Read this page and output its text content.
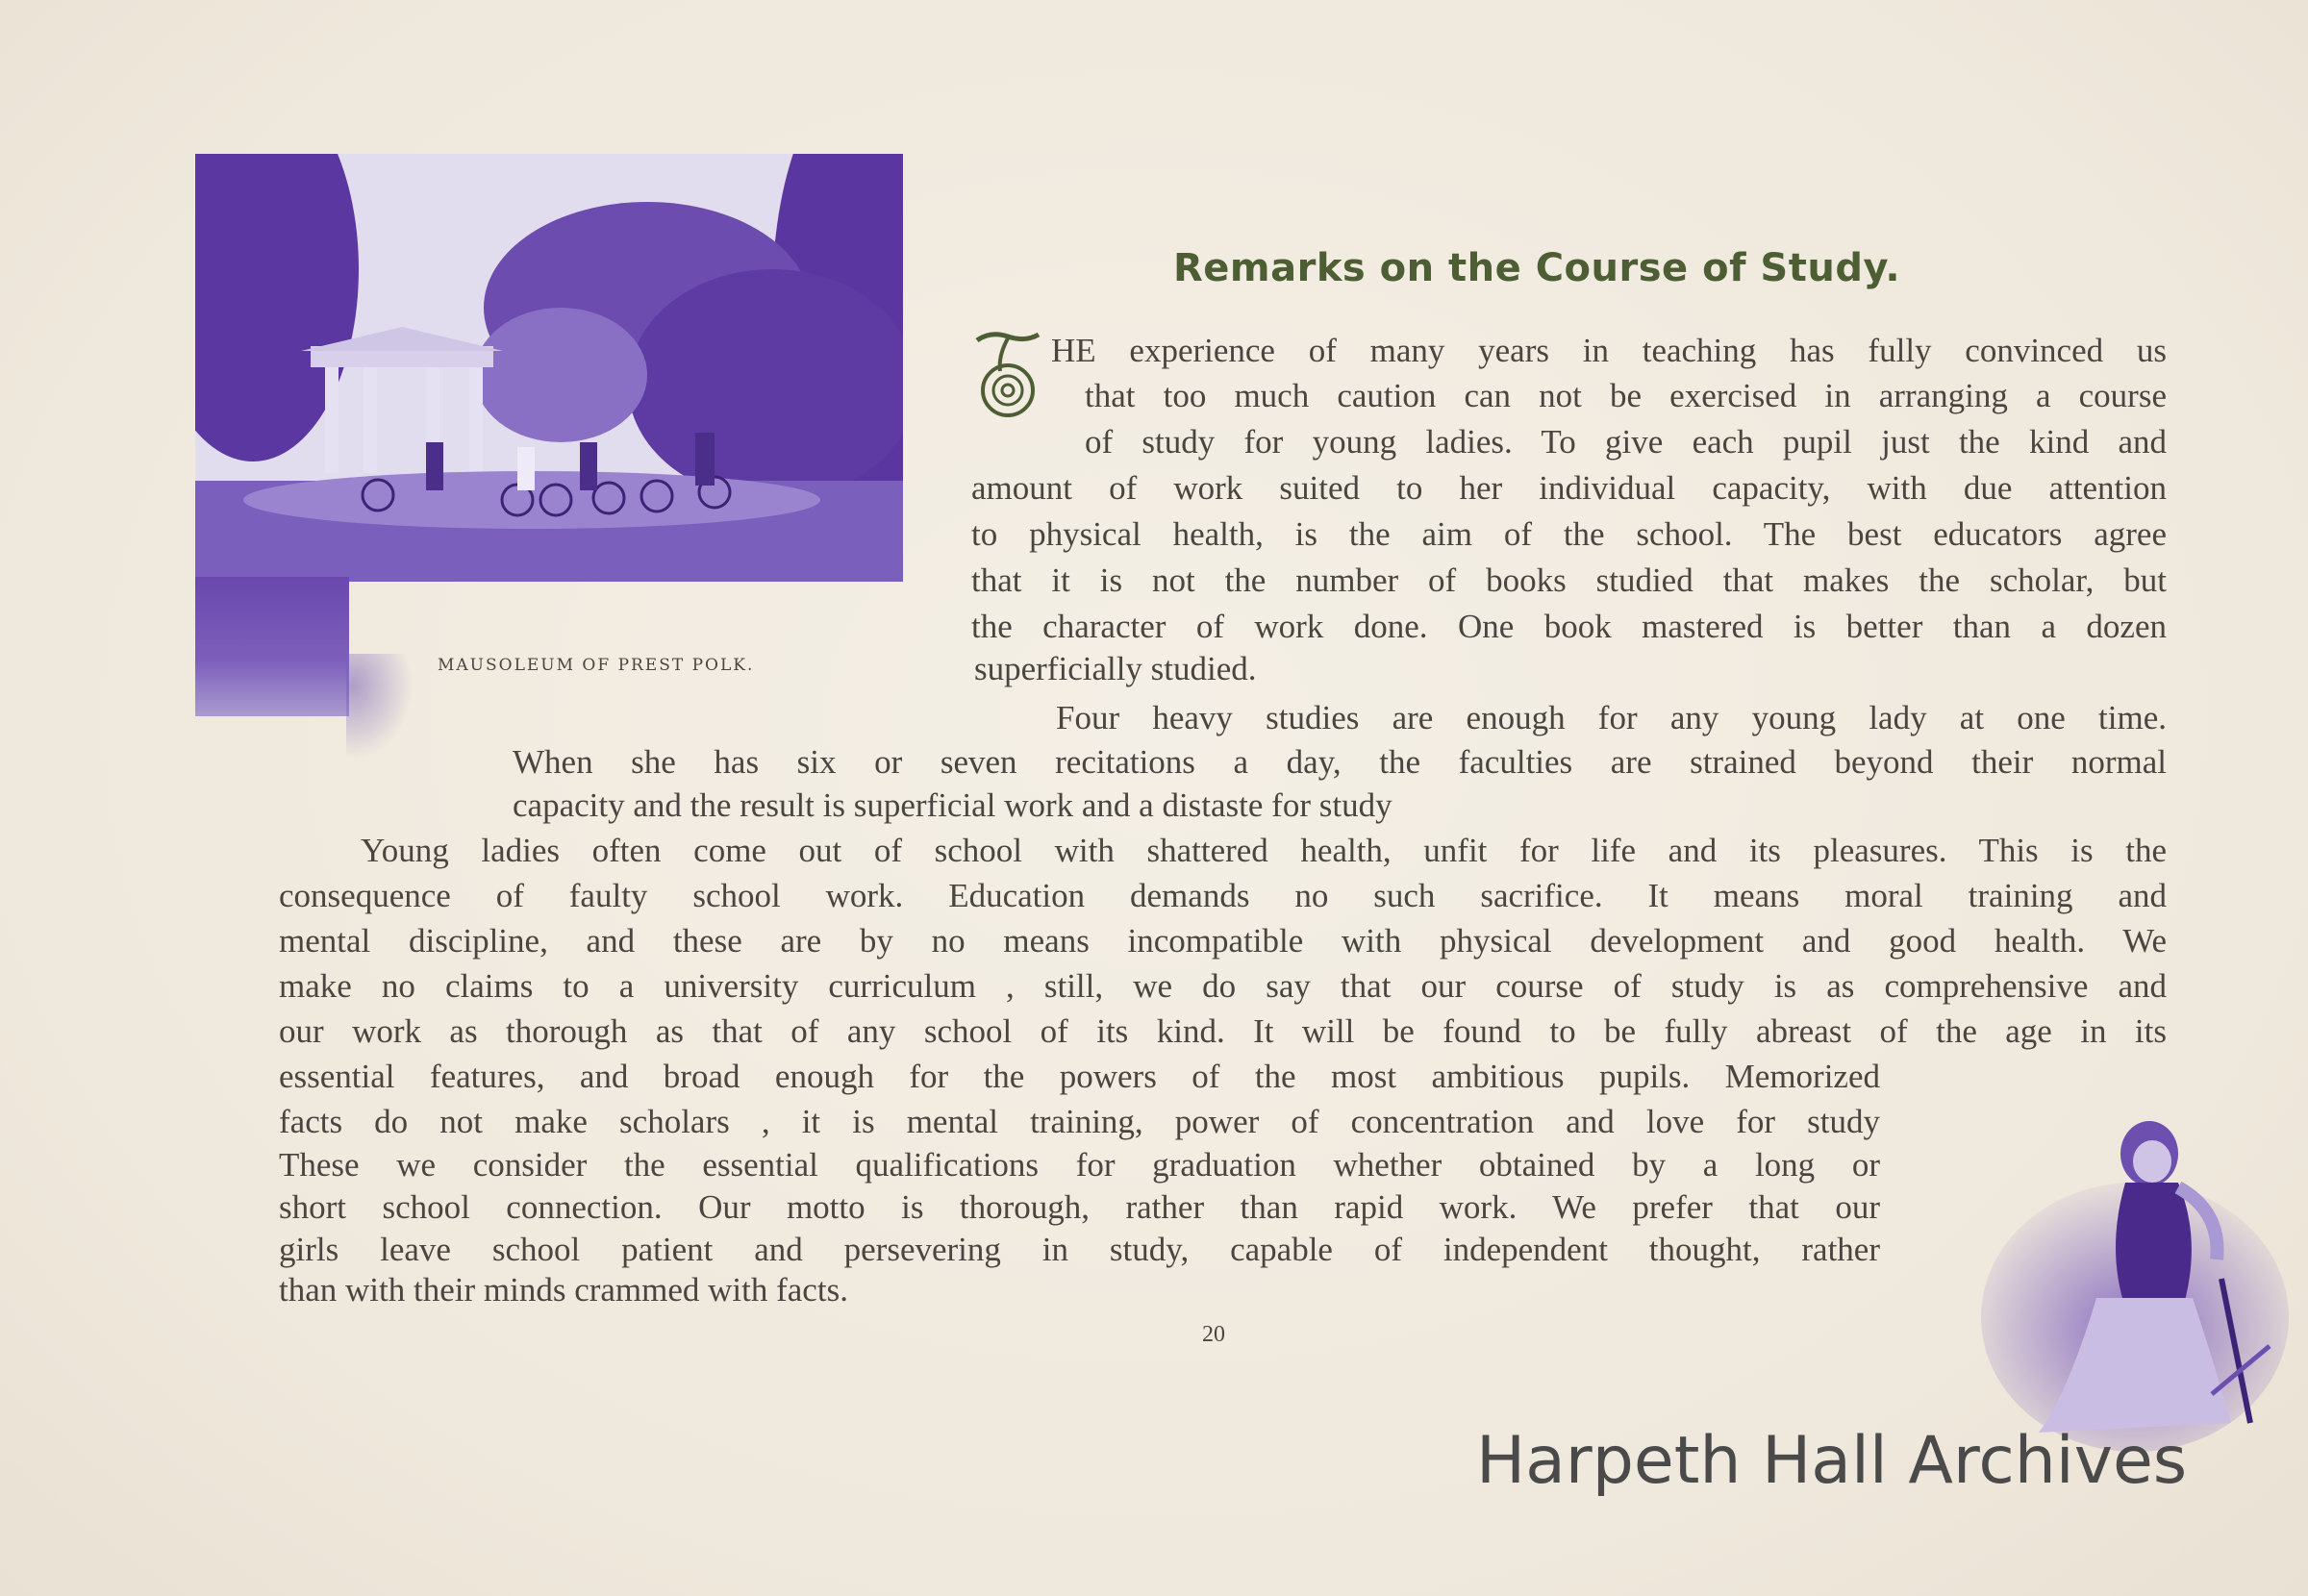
MAUSOLEUM OF PREST POLK.
Remarks on the Course of Study.
HE experience of many years in teaching has fully convinced us
that too much caution can not be exercised in arranging a course
of study for young ladies. To give each pupil just the kind and
amount of work suited to her individual capacity, with due attention
to physical health, is the aim of the school. The best educators agree
that it is not the number of books studied that makes the scholar, but
the character of work done. One book mastered is better than a dozen
superficially studied.
Four heavy studies are enough for any young lady at one time.
When she has six or seven recitations a day, the faculties are strained beyond their normal
capacity and the result is superficial work and a distaste for study
Young ladies often come out of school with shattered health, unfit for life and its pleasures. This is the
consequence of faulty school work. Education demands no such sacrifice. It means moral training and
mental discipline, and these are by no means incompatible with physical development and good health. We
make no claims to a university curriculum , still, we do say that our course of study is as comprehensive and
our work as thorough as that of any school of its kind. It will be found to be fully abreast of the age in its
essential features, and broad enough for the powers of the most ambitious pupils. Memorized
facts do not make scholars , it is mental training, power of concentration and love for study
These we consider the essential qualifications for graduation whether obtained by a long or
short school connection. Our motto is thorough, rather than rapid work. We prefer that our
girls leave school patient and persevering in study, capable of independent thought, rather
than with their minds crammed with facts.
20
Harpeth Hall Archives
